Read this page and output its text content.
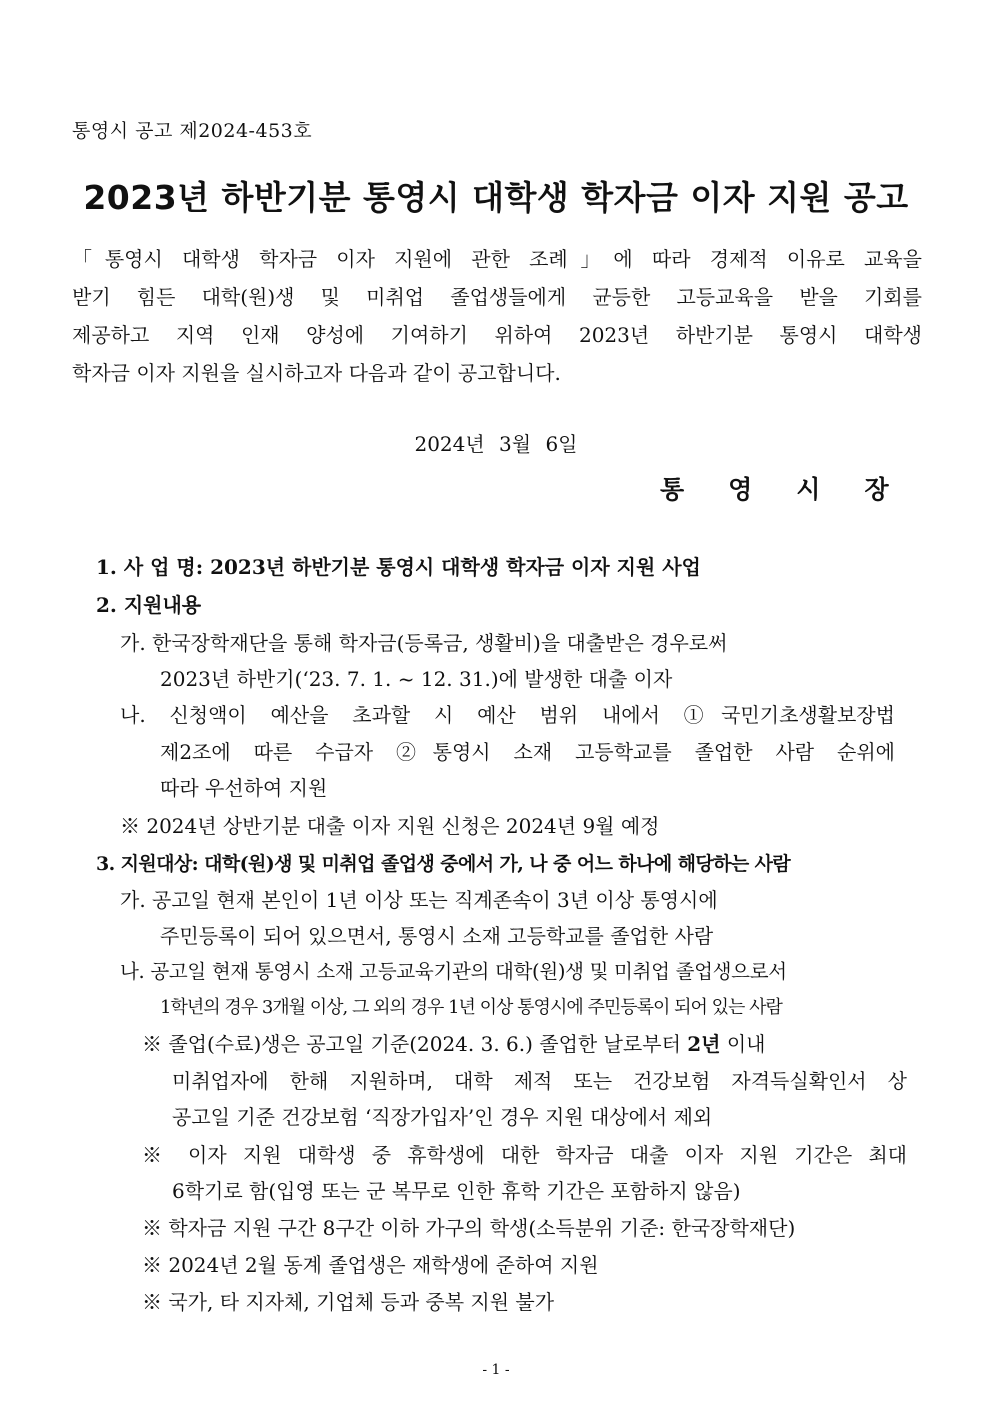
통영시 공고 제2024-453호
2023년 하반기분 통영시 대학생 학자금 이자 지원 공고
「통영시 대학생 학자금 이자 지원에 관한 조례」에 따라 경제적 이유로 교육을
받기 힘든 대학(원)생 및 미취업 졸업생들에게 균등한 고등교육을 받을 기회를
제공하고 지역 인재 양성에 기여하기 위하여 2023년 하반기분 통영시 대학생
학자금 이자 지원을 실시하고자 다음과 같이 공고합니다.
2024년 3월 6일
통영시장
1. 사 업 명: 2023년 하반기분 통영시 대학생 학자금 이자 지원 사업
2. 지원내용
가. 한국장학재단을 통해 학자금(등록금, 생활비)을 대출받은 경우로써
2023년 하반기(‘23. 7. 1. ~ 12. 31.)에 발생한 대출 이자
나. 신청액이 예산을 초과할 시 예산 범위 내에서 ①국민기초생활보장법
제2조에 따른 수급자 ②통영시 소재 고등학교를 졸업한 사람 순위에
따라 우선하여 지원
※ 2024년 상반기분 대출 이자 지원 신청은 2024년 9월 예정
3. 지원대상: 대학(원)생 및 미취업 졸업생 중에서 가, 나 중 어느 하나에 해당하는 사람
가. 공고일 현재 본인이 1년 이상 또는 직계존속이 3년 이상 통영시에
주민등록이 되어 있으면서, 통영시 소재 고등학교를 졸업한 사람
나. 공고일 현재 통영시 소재 고등교육기관의 대학(원)생 및 미취업 졸업생으로서
1학년의 경우 3개월 이상, 그 외의 경우 1년 이상 통영시에 주민등록이 되어 있는 사람
※ 졸업(수료)생은 공고일 기준(2024. 3. 6.) 졸업한 날로부터 2년 이내
미취업자에 한해 지원하며, 대학 제적 또는 건강보험 자격득실확인서 상
공고일 기준 건강보험 ‘직장가입자’인 경우 지원 대상에서 제외
※ 이자 지원 대학생 중 휴학생에 대한 학자금 대출 이자 지원 기간은 최대
6학기로 함(입영 또는 군 복무로 인한 휴학 기간은 포함하지 않음)
※ 학자금 지원 구간 8구간 이하 가구의 학생(소득분위 기준: 한국장학재단)
※ 2024년 2월 동계 졸업생은 재학생에 준하여 지원
※ 국가, 타 지자체, 기업체 등과 중복 지원 불가
- 1 -
